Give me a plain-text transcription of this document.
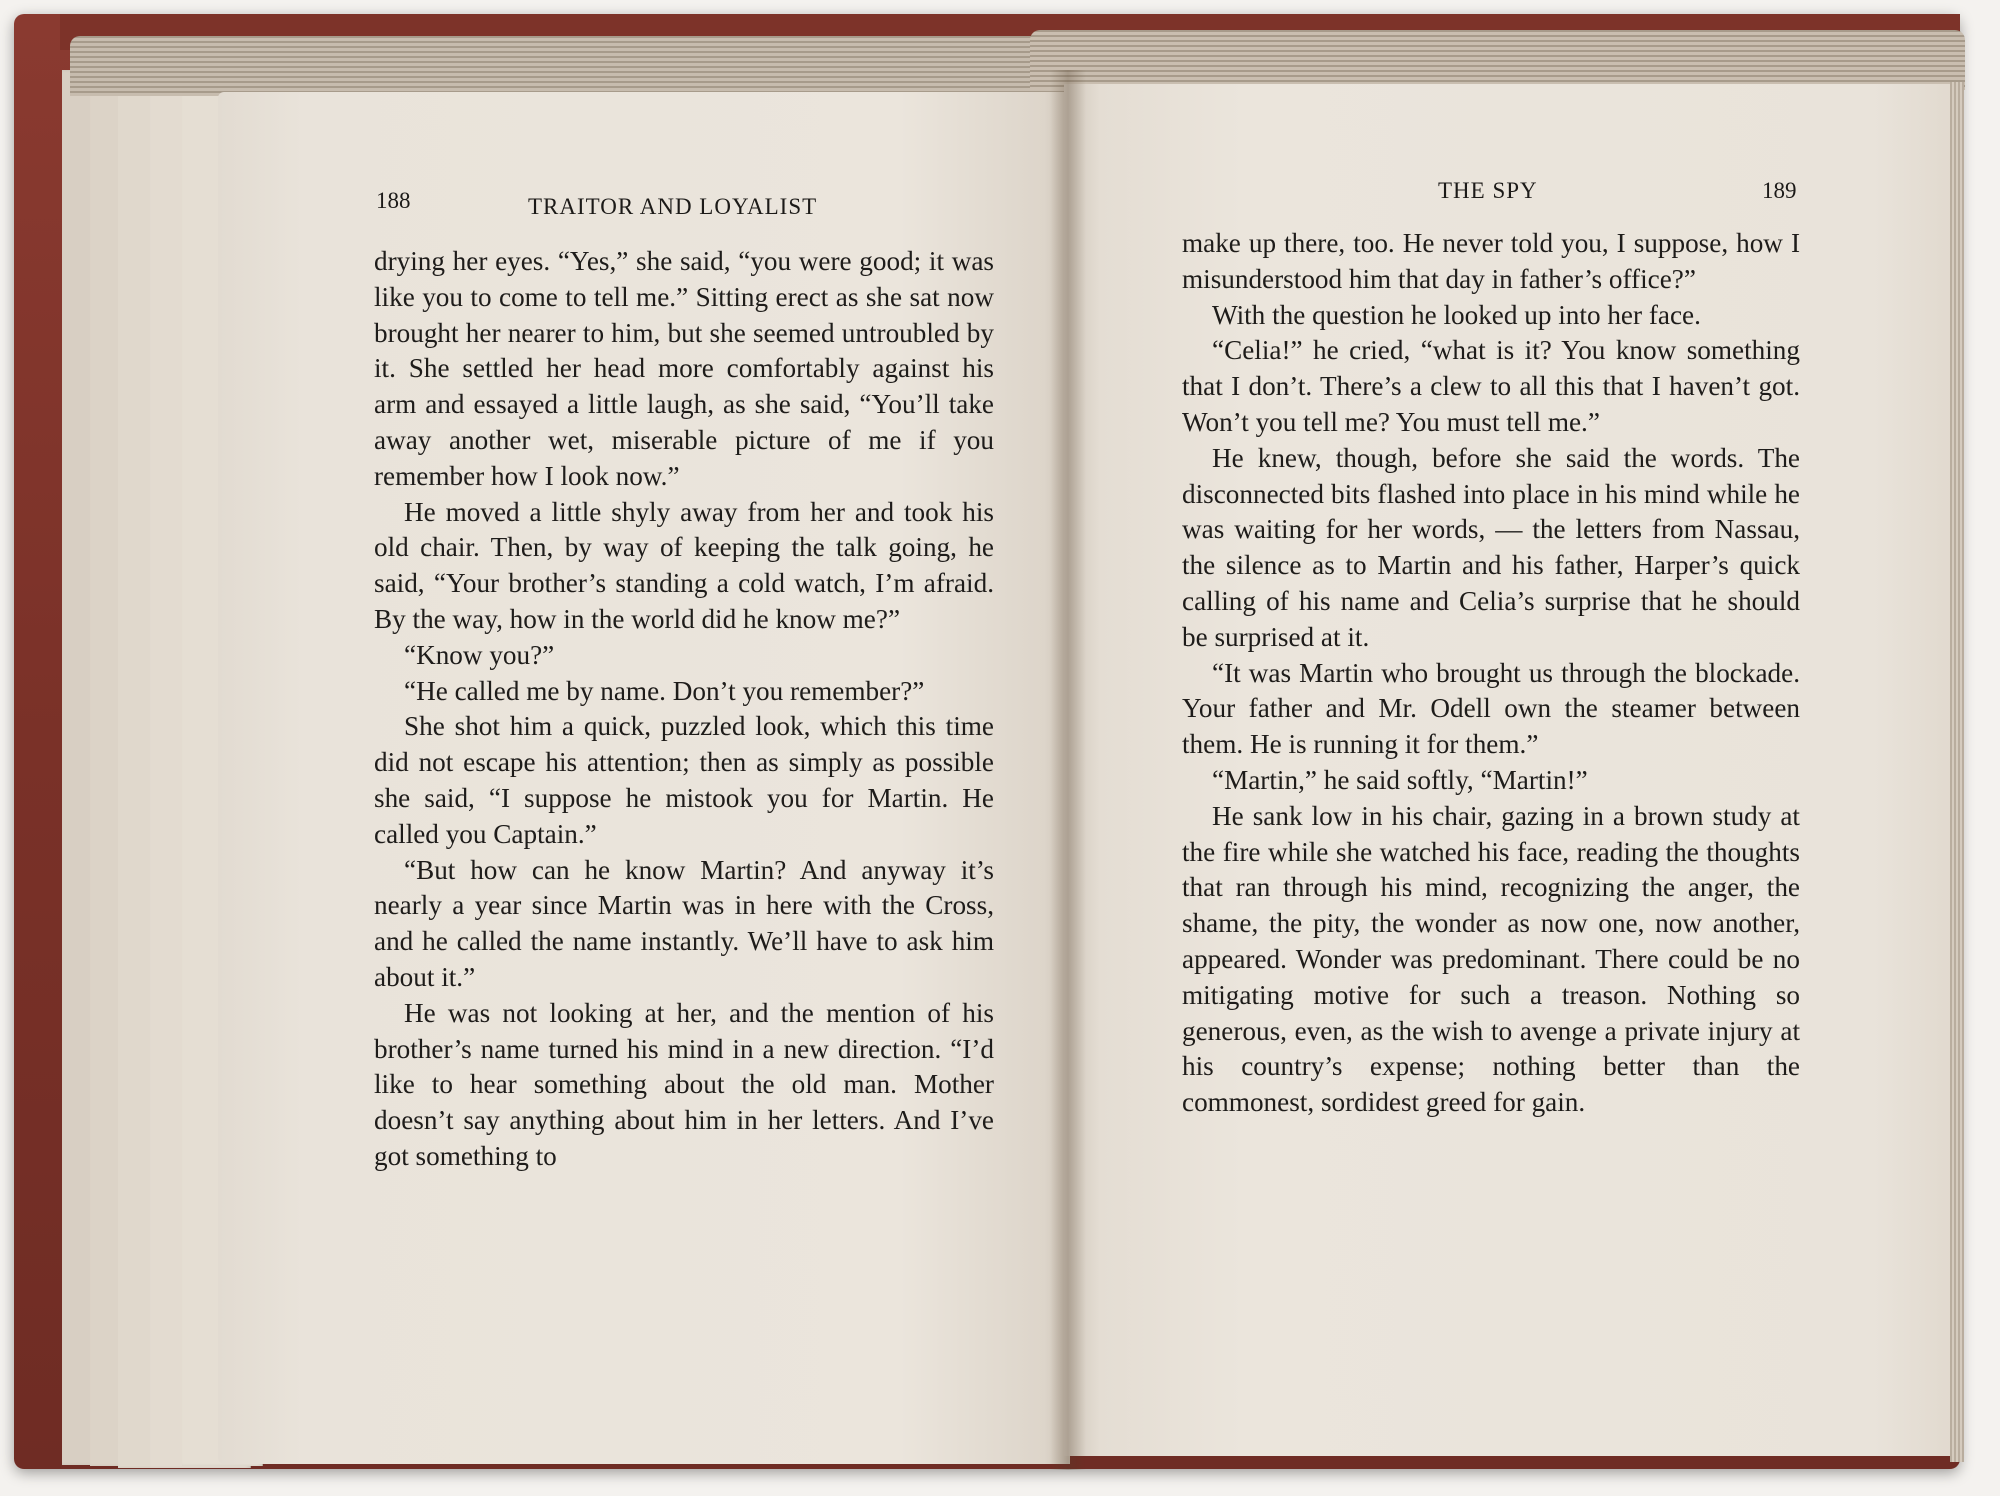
188	TRAITOR AND LOYALIST

drying her eyes. “Yes,” she said, “you were good; it was like you to come to tell me.” Sitting erect as she sat now brought her nearer to him, but she seemed untroubled by it. She settled her head more comfortably against his arm and essayed a little laugh, as she said, “You’ll take away another wet, miserable picture of me if you remember how I look now.”

He moved a little shyly away from her and took his old chair. Then, by way of keeping the talk going, he said, “Your brother’s standing a cold watch, I’m afraid. By the way, how in the world did he know me?”

“Know you?”

“He called me by name. Don’t you remember?”

She shot him a quick, puzzled look, which this time did not escape his attention; then as simply as possible she said, “I suppose he mistook you for Martin. He called you Captain.”

“But how can he know Martin? And anyway it’s nearly a year since Martin was in here with the Cross, and he called the name instantly. We’ll have to ask him about it.”

He was not looking at her, and the mention of his brother’s name turned his mind in a new direction. “I’d like to hear something about the old man. Mother doesn’t say anything about him in her letters. And I’ve got something to

THE SPY	189

make up there, too. He never told you, I suppose, how I misunderstood him that day in father’s office?”

With the question he looked up into her face.

“Celia!” he cried, “what is it? You know something that I don’t. There’s a clew to all this that I haven’t got. Won’t you tell me? You must tell me.”

He knew, though, before she said the words. The disconnected bits flashed into place in his mind while he was waiting for her words, — the letters from Nassau, the silence as to Martin and his father, Harper’s quick calling of his name and Celia’s surprise that he should be surprised at it.

“It was Martin who brought us through the blockade. Your father and Mr. Odell own the steamer between them. He is running it for them.”

“Martin,” he said softly, “Martin!”

He sank low in his chair, gazing in a brown study at the fire while she watched his face, reading the thoughts that ran through his mind, recognizing the anger, the shame, the pity, the wonder as now one, now another, appeared. Wonder was predominant. There could be no mitigating motive for such a treason. Nothing so generous, even, as the wish to avenge a private injury at his country’s expense; nothing better than the commonest, sordidest greed for gain.
